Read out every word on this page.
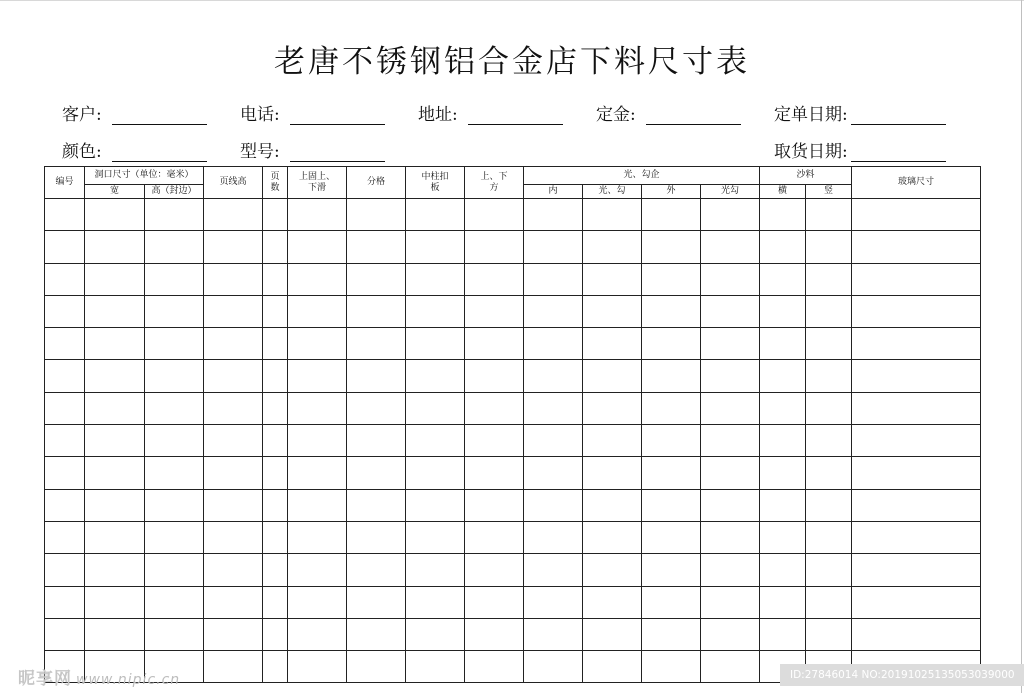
老唐不锈钢铝合金店下料尺寸表
客户:	电话:	地址:	定金:	定单日期:
颜色:	型号:	取货日期:
编号	洞口尺寸（单位：毫米）		页线高	页数	上固上、下滑	分格	中柱扣板	上、下方	光、勾企				沙料		玻璃尺寸
	宽	高（封边）							内	光、勾	外	光勾	横	竖	

昵享网 www.nipic.cn	ID:27846014 NO:20191025135053039000
